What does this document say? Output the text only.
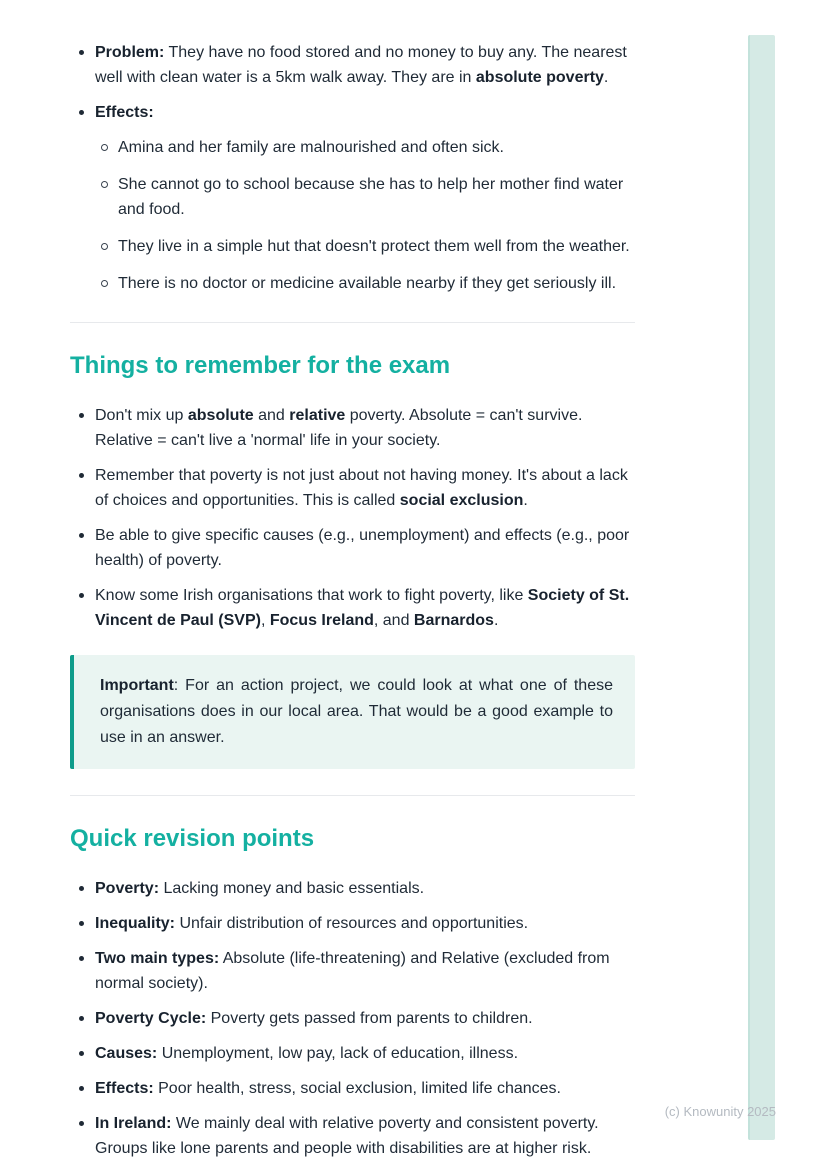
Problem: They have no food stored and no money to buy any. The nearest well with clean water is a 5km walk away. They are in absolute poverty.
Effects:
Amina and her family are malnourished and often sick.
She cannot go to school because she has to help her mother find water and food.
They live in a simple hut that doesn't protect them well from the weather.
There is no doctor or medicine available nearby if they get seriously ill.
Things to remember for the exam
Don't mix up absolute and relative poverty. Absolute = can't survive. Relative = can't live a 'normal' life in your society.
Remember that poverty is not just about not having money. It's about a lack of choices and opportunities. This is called social exclusion.
Be able to give specific causes (e.g., unemployment) and effects (e.g., poor health) of poverty.
Know some Irish organisations that work to fight poverty, like Society of St. Vincent de Paul (SVP), Focus Ireland, and Barnardos.

Important: For an action project, we could look at what one of these organisations does in our local area. That would be a good example to use in an answer.

Quick revision points
Poverty: Lacking money and basic essentials.
Inequality: Unfair distribution of resources and opportunities.
Two main types: Absolute (life-threatening) and Relative (excluded from normal society).
Poverty Cycle: Poverty gets passed from parents to children.
Causes: Unemployment, low pay, lack of education, illness.
Effects: Poor health, stress, social exclusion, limited life chances.
In Ireland: We mainly deal with relative poverty and consistent poverty. Groups like lone parents and people with disabilities are at higher risk.
(c) Knowunity 2025
